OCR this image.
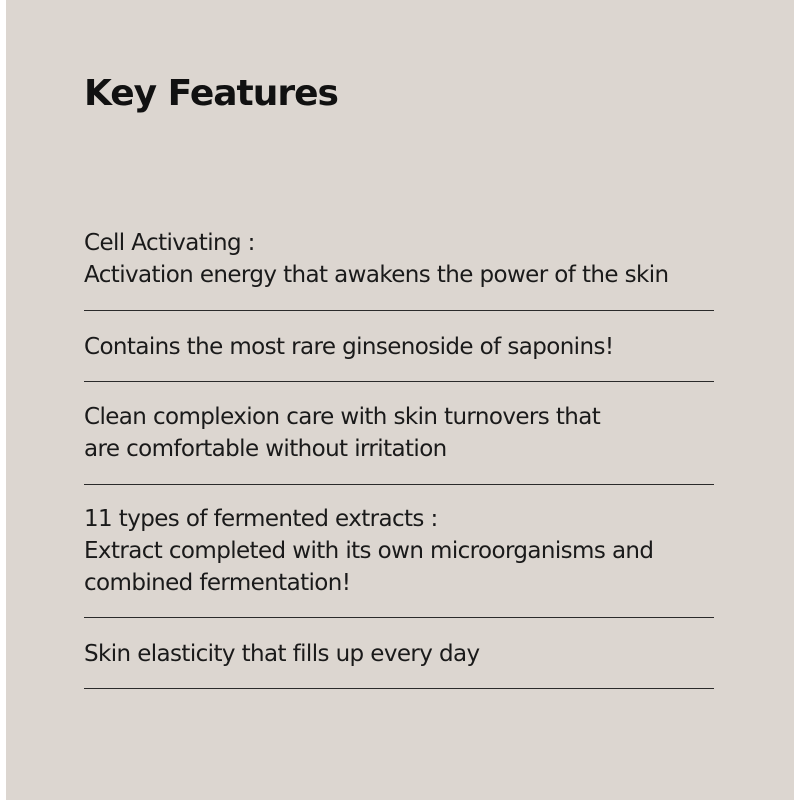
Key Features
Cell Activating :
Activation energy that awakens the power of the skin
Contains the most rare ginsenoside of saponins!
Clean complexion care with skin turnovers that
are comfortable without irritation
11 types of fermented extracts :
Extract completed with its own microorganisms and
combined fermentation!
Skin elasticity that fills up every day
